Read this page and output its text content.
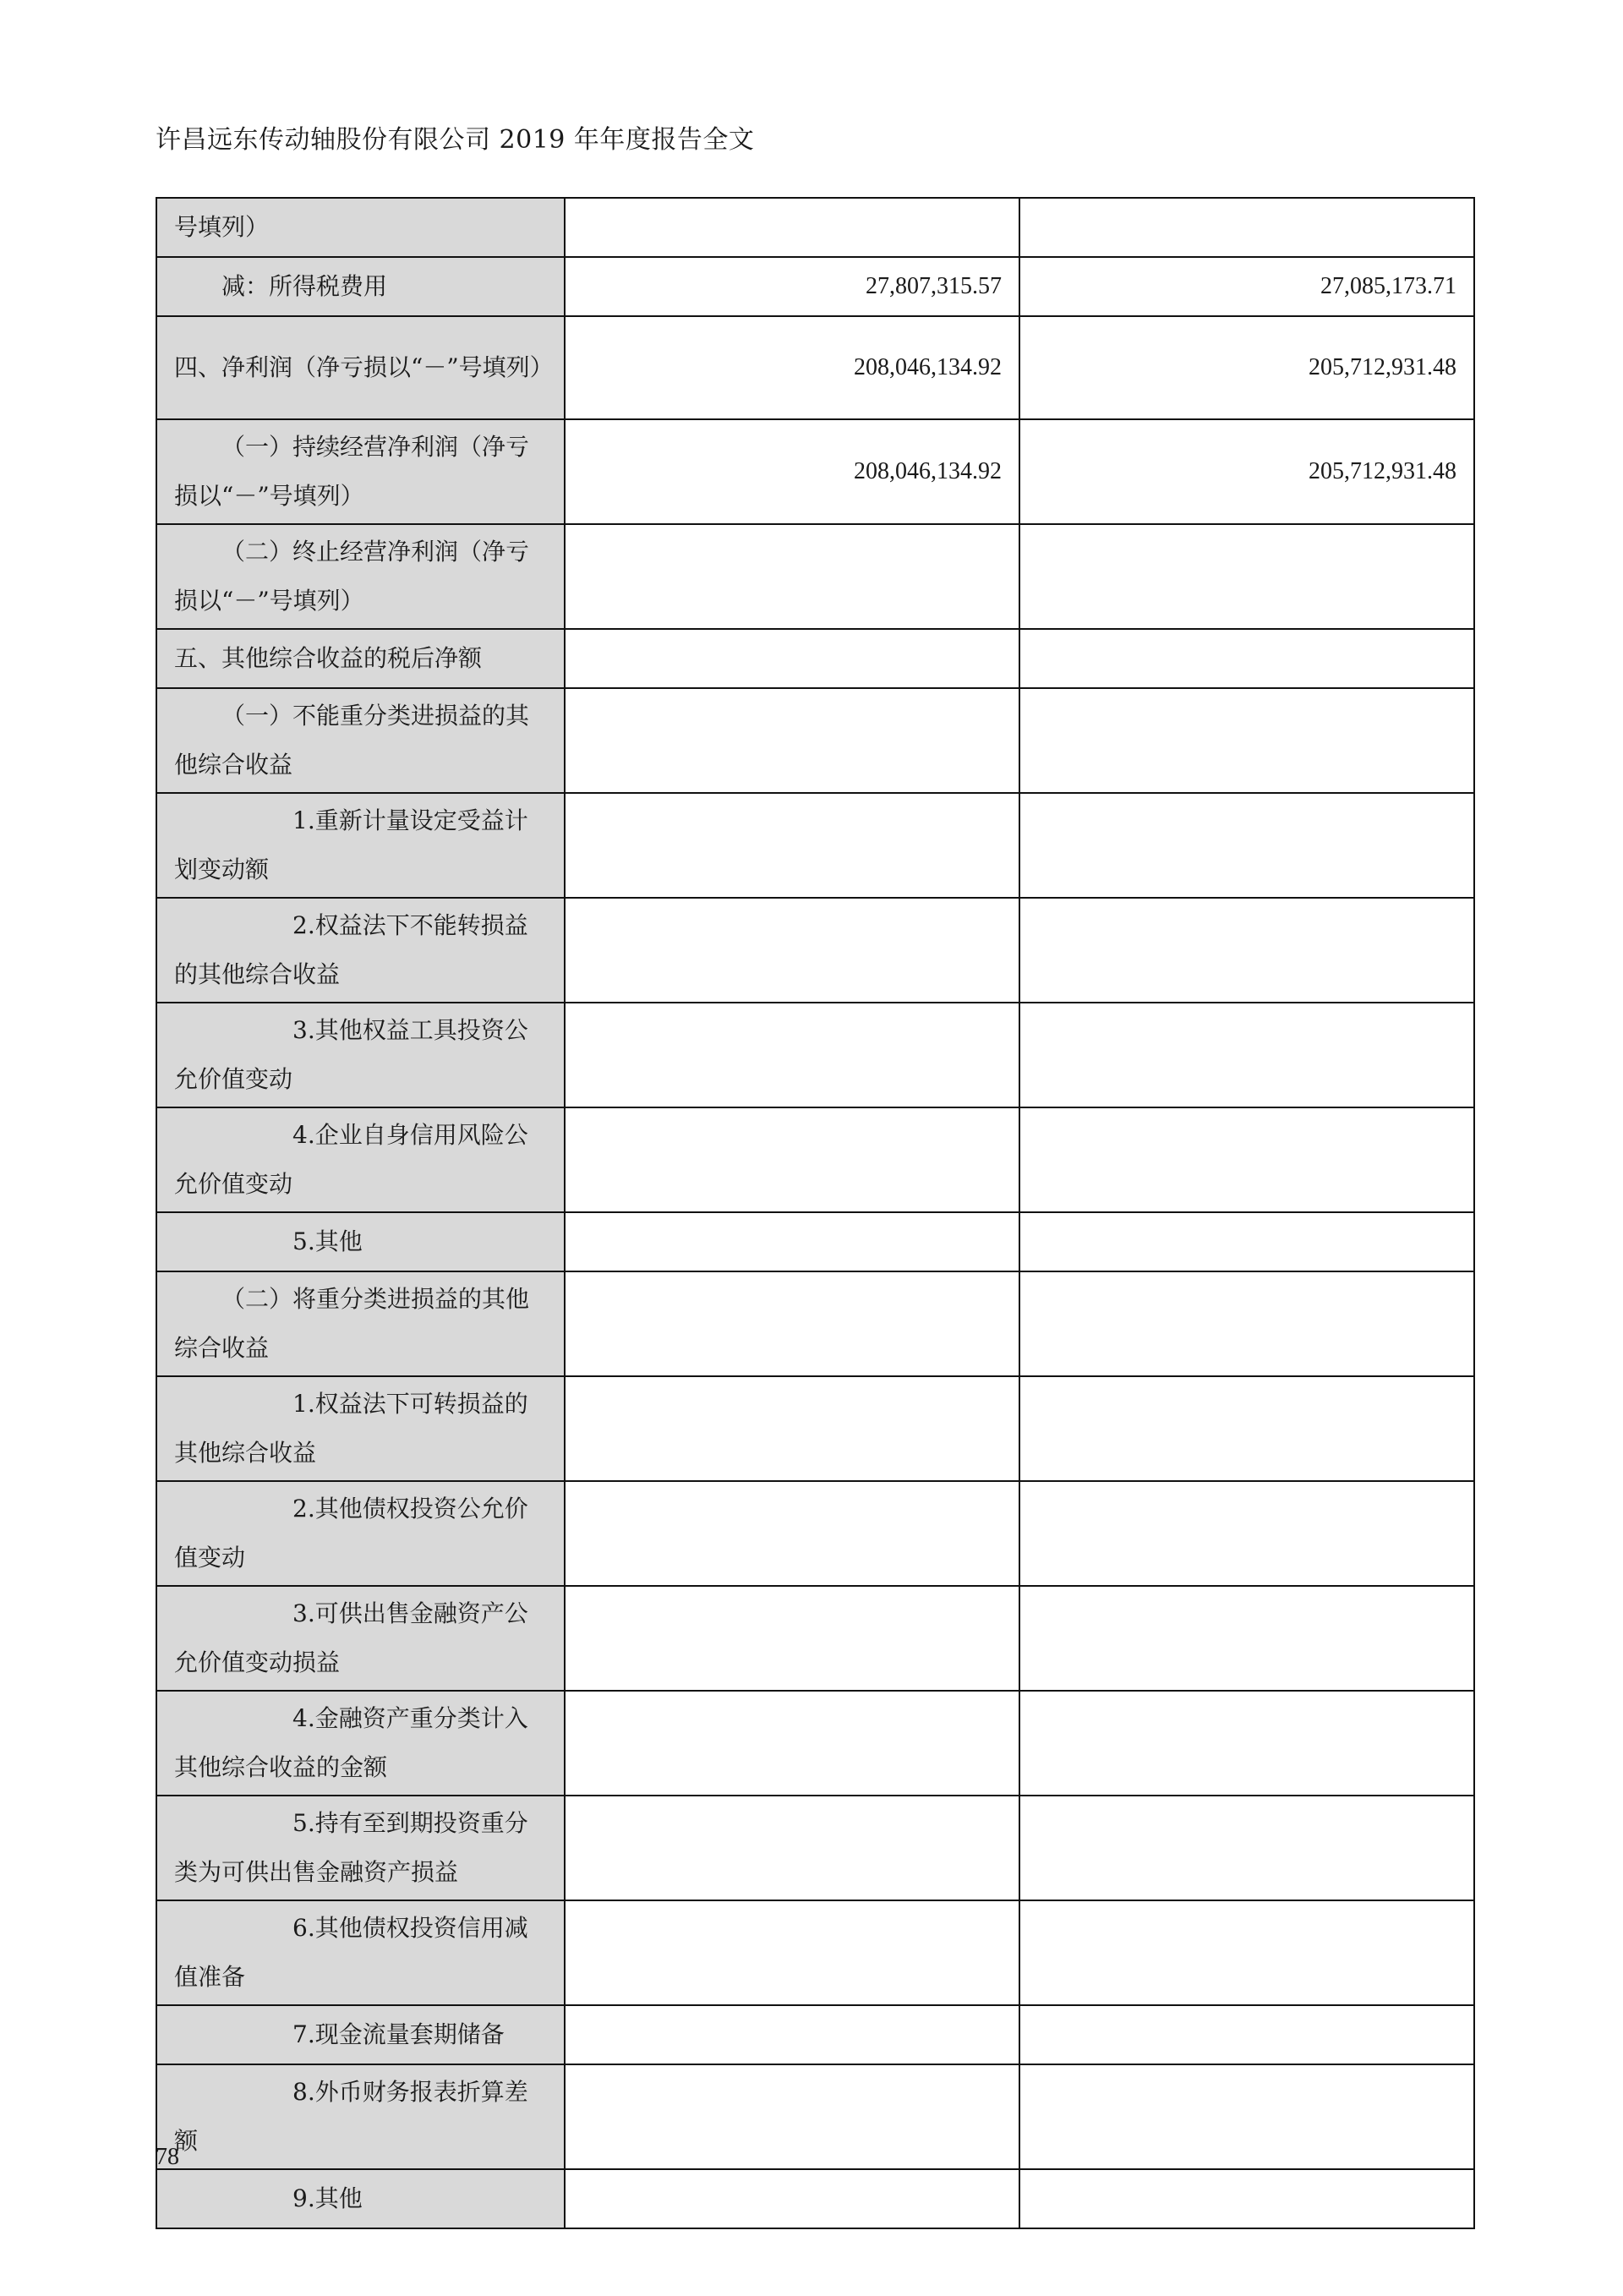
许昌远东传动轴股份有限公司 2019 年年度报告全文
号填列）		
减：所得税费用	27,807,315.57	27,085,173.71
四、净利润（净亏损以“－”号填列）	208,046,134.92	205,712,931.48
（一）持续经营净利润（净亏损以“－”号填列）	208,046,134.92	205,712,931.48
（二）终止经营净利润（净亏损以“－”号填列）		
五、其他综合收益的税后净额		
（一）不能重分类进损益的其他综合收益		
1.重新计量设定受益计划变动额		
2.权益法下不能转损益的其他综合收益		
3.其他权益工具投资公允价值变动		
4.企业自身信用风险公允价值变动		
5.其他		
（二）将重分类进损益的其他综合收益		
1.权益法下可转损益的其他综合收益		
2.其他债权投资公允价值变动		
3.可供出售金融资产公允价值变动损益		
4.金融资产重分类计入其他综合收益的金额		
5.持有至到期投资重分类为可供出售金融资产损益		
6.其他债权投资信用减值准备		
7.现金流量套期储备		
8.外币财务报表折算差额		
9.其他		
78
